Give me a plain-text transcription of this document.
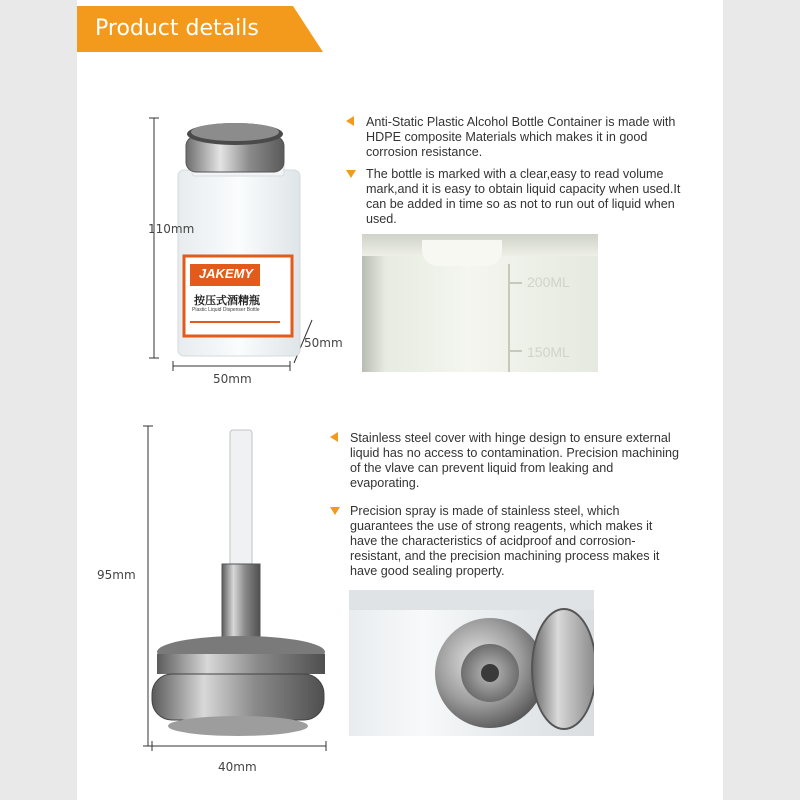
Product details
110mm
50mm
50mm
JAKEMY
按压式酒精瓶
Plastic Liquid Dispenser Bottle
Anti-Static Plastic Alcohol Bottle Container is made with HDPE composite Materials which makes it in good corrosion resistance.
The bottle is marked with a clear,easy to read volume mark,and it is easy to obtain liquid capacity when used.It can be added in time so as not to run out of liquid when used.
200ML
150ML
95mm
40mm
Stainless steel cover with hinge design to ensure external liquid has no access to contamination. Precision machining of the vlave can prevent liquid from leaking and evaporating.
Precision spray is made of stainless steel, which guarantees the use of strong reagents, which makes it have the characteristics of acidproof and corrosion-resistant, and the precision machining process makes it have good sealing property.
